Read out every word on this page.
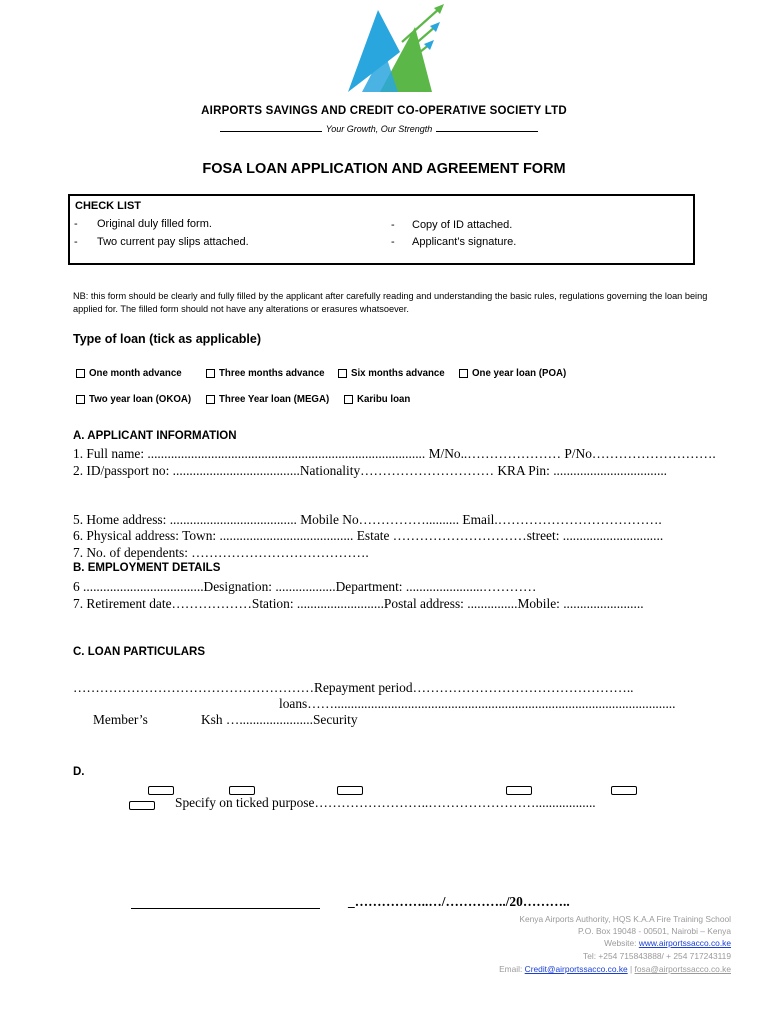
AIRPORTS SAVINGS AND CREDIT CO-OPERATIVE SOCIETY LTD
Your Growth, Our Strength
FOSA LOAN APPLICATION AND AGREEMENT FORM
CHECK LIST
- Original duly filled form.
- Two current pay slips attached.
- Copy of ID attached.
- Applicant’s signature.
NB: this form should be clearly and fully filled by the applicant after carefully reading and understanding the basic rules, regulations governing the loan being applied for. The filled form should not have any alterations or erasures whatsoever.
Type of loan (tick as applicable)
One month advance	Three months advance	Six months advance	One year loan (POA)
Two year loan (OKOA)	Three Year loan (MEGA)	Karibu loan
A. APPLICANT INFORMATION
1. Full name: ................................................................................... M/No..………………… P/No……………………….
2. ID/passport no: ......................................Nationality………………………… KRA Pin: ..................................
5. Home address: ...................................... Mobile No…………….......... Email.……………………………….
6. Physical address: Town: ........................................ Estate …………………………street: ..............................
7. No. of dependents: ………………………………….
B. EMPLOYMENT DETAILS
6 ....................................Designation: ..................Department: .......................…………
7. Retirement date………………Station: ..........................Postal address: ...............Mobile: ........................
C. LOAN PARTICULARS
………………………………………………Repayment period…………………………………………..
loans……......................................................................................................
Member’s	Ksh …......................Security
D.
Specify on ticked purpose……………………..……………………..................
_……………..…/…………../20………..
Kenya Airports Authority, HQS K.A.A Fire Training School
P.O. Box 19048 - 00501, Nairobi – Kenya
Website: www.airportssacco.co.ke
Tel: +254 715843888/ + 254 717243119
Email: Credit@airportssacco.co.ke | fosa@airportssacco.co.ke
